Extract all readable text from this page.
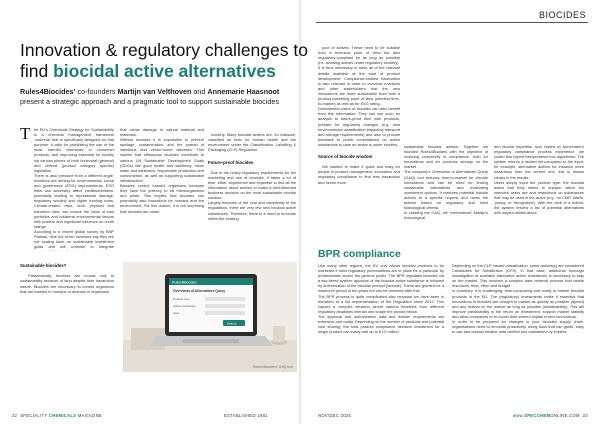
BIOCIDES
Innovation & regulatory challenges to
find biocidal active alternatives

Rules4Biocides’ co-founders Martijn van Velthoven and Annemarie Haasnoot present a strategic approach and a pragmatic tool to support sustainable biocides

T he EU's Chemicals Strategy for Sustainability is a chemical management framework ‘umbrella’ that is specifically designed for that purpose. It calls for prohibiting the use of the most harmful chemicals in consumer products, and improving essential for society via various pieces of both horizontal (general) and vertical (product category specific) legislation.
There is also pressure from a different angle. Investors are aiming for environmental, social and governance (ESG) improvements. ESG risks can adversely affect creditworthiness, potentially leading to reputational damage, regulatory scrutiny and higher funding costs. Climate-related risks, such physical and transition risks, can reduce the value of loan portfolios and collateral environmental factors with positive and significant influence on credit ratings.
According to a recent global survey by BNP Paribas, nine out of ten investors say they are not scaling back on sustainable investment goals and will continue to integrate

Sustainable biocides?

Paradoxically, biocides are crucial only to sustainability because of land despite their hazardous nature. Biocides are necessary to control organisms that are harmful to humans or animals or organisms

that cause damage to natural material and materials.
Without biocides it is impossible to prevent spoilage, contamination, and the spread of infectious and vector-borne diseases. This implies that efficacious biocides contribute to various UN Sustainable Development Goals (SDGs) like good health and wellbeing, clean water and sanitation, responsible production and consumption, as well as supporting sustainable infrastructure.
Biocides control harmful organisms because they have the potency to kill microorganisms and pests. This implies that biocides can potentially also hazardous for humans and the environment. For this reason, it is not surprising that biocides are under

scrutiny. Many biocidal actives are, for instance, classified as toxic for human health and the environment under the Classification, Labelling & Packaging (CLP) Regulation.

Future-proof biocides

Due to the heavy regulatory requirements for the marketing and use of biocides, it takes a lot of time, effort, experience and expertise to find all the information about actives to make a well-informed business decision on the most sustainable biocide solution.
Largely because of the cost and complexity of the regulations, there are very few new biocidal active substances. Therefore, there is a need to innovate within the existing

Rules4Biocides
Overviews of Alternatives Query
Product type
Active substance
User
Search
Rules4Biocides’ OAQ tool

pool of actives. These need to be suitable from a technical point of view but also regulatory-compliant for as long as possible (i.e. avoiding actives under regulatory scrutiny).
It is thus necessary to have all of the relevant details available at the start of product development. Compliance-related information is also relevant in order to convince investors and other stakeholders that the new innovations are more sustainable from both a product-marketing point of view (shortest time-to-market) as well as for ESG rating.
Downstream users of biocides can also benefit from this information. They can use such an analysis to future-proof their own products, prepare for regulatory changes (e.g. new environmental classification impacting transport and storage requirements) and also to provide feedback to public consultations on active substances in case an active is under scrutiny.

Source of biocide wisdom

We wanted to make it quick and easy for people in product management, innovation and regulatory compliance to find less hazardous and hence more

sustainable biocidal actives. Together we founded Rules4Biocides with the objective of reducing complexity in compliance, both for innovations and for products already on the market.
The company's Overviews of Alternatives Query (OAQ) tool reduces time-to-market for biocide innovations and can be used for finding sustainable alternatives and evaluating investment options. It matches potential biocide actives to a specific request and ranks the actives based on regulatory and strict toxicological criteria.
In creating the OAQ, we ‘externalised’ Martijn's toxicological
and biocide expertise. And, based on Annemarie's regulatory compliance process experience, we coded this expert interpretation into algorithms. The system returns a ranked list compared to the input, for example, alternative actives for instance more hazardous than the current one, this is shown clearly in the results.
Users simply input the product type, the biocidal active that they intend to replace, which the intended users are and restrictions on substances that may be used in the active (e.g. ‘no CMR’ labels, ‘young’ or ‘recognised’). With the click of a button, the system returns a list of potential alternatives with helpful details about
BPR compliance
Like many other regions, the EU only allows biocidal products to be marketed if strict regulatory preconditions are in place for a particular by professionals and/or the general public. The BPR regulates biocides via a two-tiered system: approval of the biocidal active substance is followed by authorisation of the biocidal product (biocide). These are granted for a maximum period of ten years but can be renewed after this.
The BPR process is quite complicated also because we have been in transition to a full implementation of the Regulation since 2012. This causes a complex situation where various timelines from different regulatory deadlines interact and shape the picture below.
The approval and authorisation data and dossier requirements are extensive and costly. Depending on the number of products and potential cost sharing, the total product compliance decision investment for a single product can easily add up to €1.5 million.
Depending on the CLP hazard classification, some actives(s) are considered Candidates for Substitution (CFS). In that case, additional thorough investigation of available alternative active substances is necessary to stay on the market. This involves a complex data retrieval process that needs resources, time, effort and budget.
In summary, it is challenging, time-consuming and costly to market biocidal products in the EU. The (regulatory) investments make it essential that innovations in biocides are brought to market as quickly as possible (speed) and any actives on the market as long as possible (sustainability). This will improve predictability in the return on investment, support market stability and allow companies to re-invest their earned capital in new innovations.
In order to be prepared for changes in your biocides supply chain, organisations need to innovate proactively, using tools that can guide, easy to use and contain reliable data verified and maintained by experts.
22 SPECIALITY CHEMICALS MAGAZINE	ESTABLISHED 1981	NOV/DEC 2025	www.SPECCHEMONLINE.COM 23
